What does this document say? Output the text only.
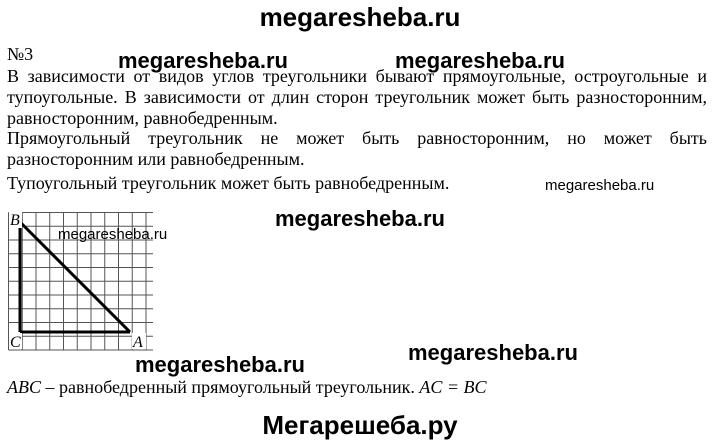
megaresheba.ru
megaresheba.ru	megaresheba.ru
№3

В зависимости от видов углов треугольники бывают прямоугольные, остроугольные и

тупоугольные. В зависимости от длин сторон треугольник может быть разносторонним,

равносторонним, равнобедренным.

Прямоугольный треугольник не может быть равносторонним, но может быть

разносторонним или равнобедренным.

Тупоугольный треугольник может быть равнобедренным.	megaresheba.ru
megaresheba.ru
B
C	A
megaresheba.ru
megaresheba.ru
megaresheba.ru
ABC – равнобедренный прямоугольный треугольник. AC = BC
Мегарешеба.ру
